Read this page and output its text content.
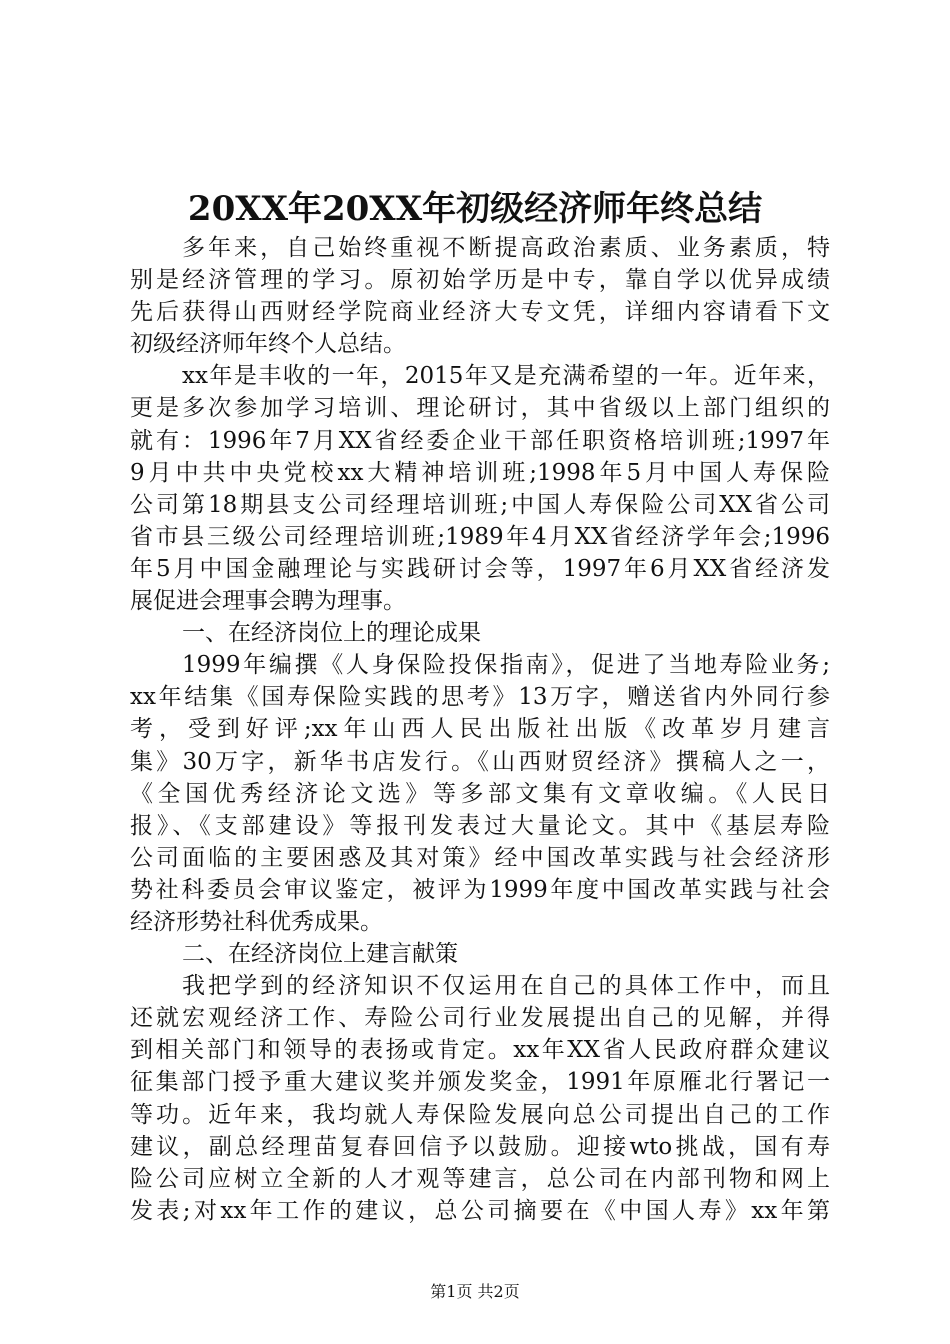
20XX年20XX年初级经济师年终总结
多年来，自己始终重视不断提高政治素质、业务素质，特
别是经济管理的学习。原初始学历是中专，靠自学以优异成绩
先后获得山西财经学院商业经济大专文凭，详细内容请看下文
初级经济师年终个人总结。
xx年是丰收的一年，2015年又是充满希望的一年。近年来，
更是多次参加学习培训、理论研讨，其中省级以上部门组织的
就有：1996年7月XX省经委企业干部任职资格培训班;1997年
9月中共中央党校xx大精神培训班;1998年5月中国人寿保险
公司第18期县支公司经理培训班;中国人寿保险公司XX省公司
省市县三级公司经理培训班;1989年4月XX省经济学年会;1996
年5月中国金融理论与实践研讨会等，1997年6月XX省经济发
展促进会理事会聘为理事。
一、在经济岗位上的理论成果
1999年编撰《人身保险投保指南》，促进了当地寿险业务;
xx年结集《国寿保险实践的思考》13万字，赠送省内外同行参
考，受到好评;xx年山西人民出版社出版《改革岁月建言
集》30万字，新华书店发行。《山西财贸经济》撰稿人之一，
《全国优秀经济论文选》等多部文集有文章收编。《人民日
报》、《支部建设》等报刊发表过大量论文。其中《基层寿险
公司面临的主要困惑及其对策》经中国改革实践与社会经济形
势社科委员会审议鉴定，被评为1999年度中国改革实践与社会
经济形势社科优秀成果。
二、在经济岗位上建言献策
我把学到的经济知识不仅运用在自己的具体工作中，而且
还就宏观经济工作、寿险公司行业发展提出自己的见解，并得
到相关部门和领导的表扬或肯定。xx年XX省人民政府群众建议
征集部门授予重大建议奖并颁发奖金，1991年原雁北行署记一
等功。近年来，我均就人寿保险发展向总公司提出自己的工作
建议，副总经理苗复春回信予以鼓励。迎接wto挑战，国有寿
险公司应树立全新的人才观等建言，总公司在内部刊物和网上
发表;对xx年工作的建议，总公司摘要在《中国人寿》xx年第
第1页 共2页
